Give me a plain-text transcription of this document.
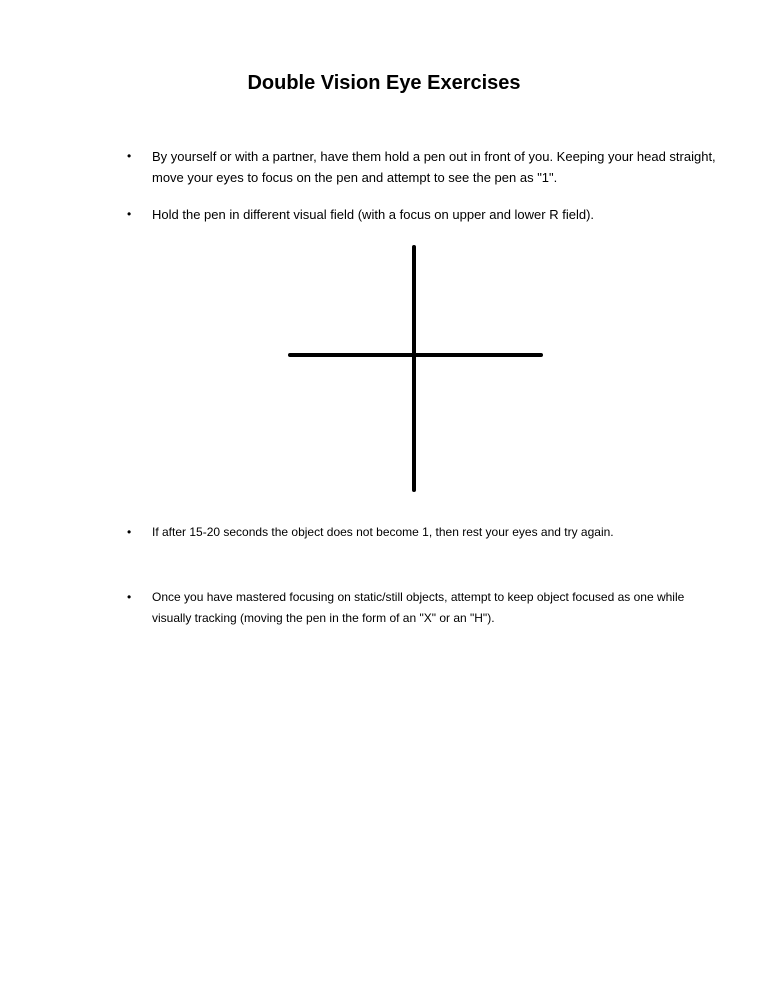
Double Vision Eye Exercises
• By yourself or with a partner, have them hold a pen out in front of you. Keeping your head straight, move your eyes to focus on the pen and attempt to see the pen as "1".
• Hold the pen in different visual field (with a focus on upper and lower R field).
• If after 15-20 seconds the object does not become 1, then rest your eyes and try again.
• Once you have mastered focusing on static/still objects, attempt to keep object focused as one while visually tracking (moving the pen in the form of an "X" or an "H").
